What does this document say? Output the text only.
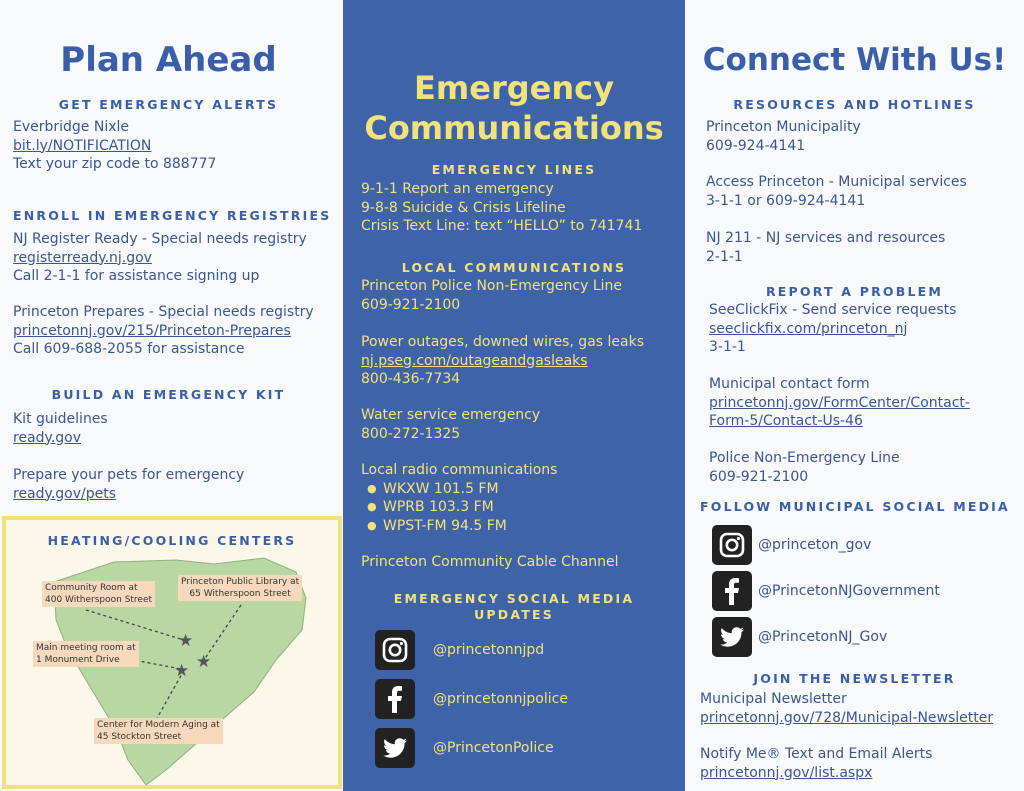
Plan Ahead
GET EMERGENCY ALERTS
Everbridge Nixle
bit.ly/NOTIFICATION
Text your zip code to 888777
ENROLL IN EMERGENCY REGISTRIES
NJ Register Ready - Special needs registry
registerready.nj.gov
Call 2-1-1 for assistance signing up
Princeton Prepares - Special needs registry
princetonnj.gov/215/Princeton-Prepares
Call 609-688-2055 for assistance
BUILD AN EMERGENCY KIT
Kit guidelines
ready.gov
Prepare your pets for emergency
ready.gov/pets
HEATING/COOLING CENTERS
★
★
★
Community Room at
400 Witherspoon Street
Princeton Public Library at
65 Witherspoon Street
Main meeting room at
1 Monument Drive
Center for Modern Aging at
45 Stockton Street
Emergency
Communications
EMERGENCY LINES
9-1-1 Report an emergency
9-8-8 Suicide & Crisis Lifeline
Crisis Text Line: text “HELLO” to 741741
LOCAL COMMUNICATIONS
Princeton Police Non-Emergency Line
609-921-2100
Power outages, downed wires, gas leaks
nj.pseg.com/outageandgasleaks
800-436-7734
Water service emergency
800-272-1325
Local radio communications
● WKXW 101.5 FM
● WPRB 103.3 FM
● WPST-FM 94.5 FM
Princeton Community Cable Channel
EMERGENCY SOCIAL MEDIA
UPDATES
@princetonnjpd
@princetonnjpolice
@PrincetonPolice
Connect With Us!
RESOURCES AND HOTLINES
Princeton Municipality
609-924-4141
Access Princeton - Municipal services
3-1-1 or 609-924-4141
NJ 211 - NJ services and resources
2-1-1
REPORT A PROBLEM
SeeClickFix - Send service requests
seeclickfix.com/princeton_nj
3-1-1
Municipal contact form
princetonnj.gov/FormCenter/Contact-
Form-5/Contact-Us-46
Police Non-Emergency Line
609-921-2100
FOLLOW MUNICIPAL SOCIAL MEDIA
@princeton_gov
@PrincetonNJGovernment
@PrincetonNJ_Gov
JOIN THE NEWSLETTER
Municipal Newsletter
princetonnj.gov/728/Municipal-Newsletter
Notify Me® Text and Email Alerts
princetonnj.gov/list.aspx
